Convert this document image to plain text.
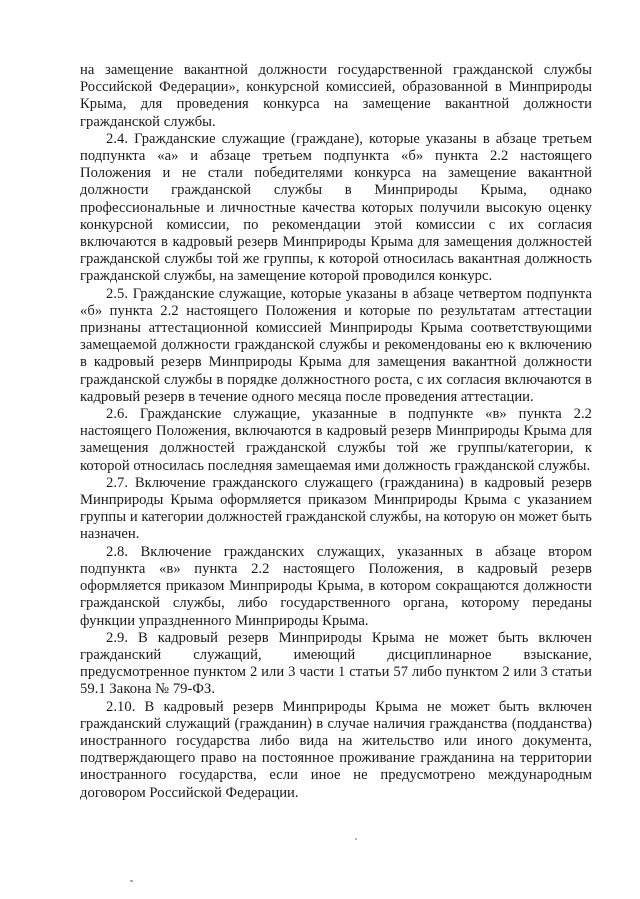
на замещение вакантной должности государственной гражданской службы Российской Федерации», конкурсной комиссией, образованной в Минприроды Крыма, для проведения конкурса на замещение вакантной должности гражданской службы.

2.4. Гражданские служащие (граждане), которые указаны в абзаце третьем подпункта «а» и абзаце третьем подпункта «б» пункта 2.2 настоящего Положения и не стали победителями конкурса на замещение вакантной должности гражданской службы в Минприроды Крыма, однако профессиональные и личностные качества которых получили высокую оценку конкурсной комиссии, по рекомендации этой комиссии с их согласия включаются в кадровый резерв Минприроды Крыма для замещения должностей гражданской службы той же группы, к которой относилась вакантная должность гражданской службы, на замещение которой проводился конкурс.

2.5. Гражданские служащие, которые указаны в абзаце четвертом подпункта «б» пункта 2.2 настоящего Положения и которые по результатам аттестации признаны аттестационной комиссией Минприроды Крыма соответствующими замещаемой должности гражданской службы и рекомендованы ею к включению в кадровый резерв Минприроды Крыма для замещения вакантной должности гражданской службы в порядке должностного роста, с их согласия включаются в кадровый резерв в течение одного месяца после проведения аттестации.

2.6. Гражданские служащие, указанные в подпункте «в» пункта 2.2 настоящего Положения, включаются в кадровый резерв Минприроды Крыма для замещения должностей гражданской службы той же группы/категории, к которой относилась последняя замещаемая ими должность гражданской службы.

2.7. Включение гражданского служащего (гражданина) в кадровый резерв Минприроды Крыма оформляется приказом Минприроды Крыма с указанием группы и категории должностей гражданской службы, на которую он может быть назначен.

2.8. Включение гражданских служащих, указанных в абзаце втором подпункта «в» пункта 2.2 настоящего Положения, в кадровый резерв оформляется приказом Минприроды Крыма, в котором сокращаются должности гражданской службы, либо государственного органа, которому переданы функции упраздненного Минприроды Крыма.

2.9. В кадровый резерв Минприроды Крыма не может быть включен гражданский служащий, имеющий дисциплинарное взыскание, предусмотренное пунктом 2 или 3 части 1 статьи 57 либо пунктом 2 или 3 статьи 59.1 Закона № 79-ФЗ.

2.10. В кадровый резерв Минприроды Крыма не может быть включен гражданский служащий (гражданин) в случае наличия гражданства (подданства) иностранного государства либо вида на жительство или иного документа, подтверждающего право на постоянное проживание гражданина на территории иностранного государства, если иное не предусмотрено международным договором Российской Федерации.
